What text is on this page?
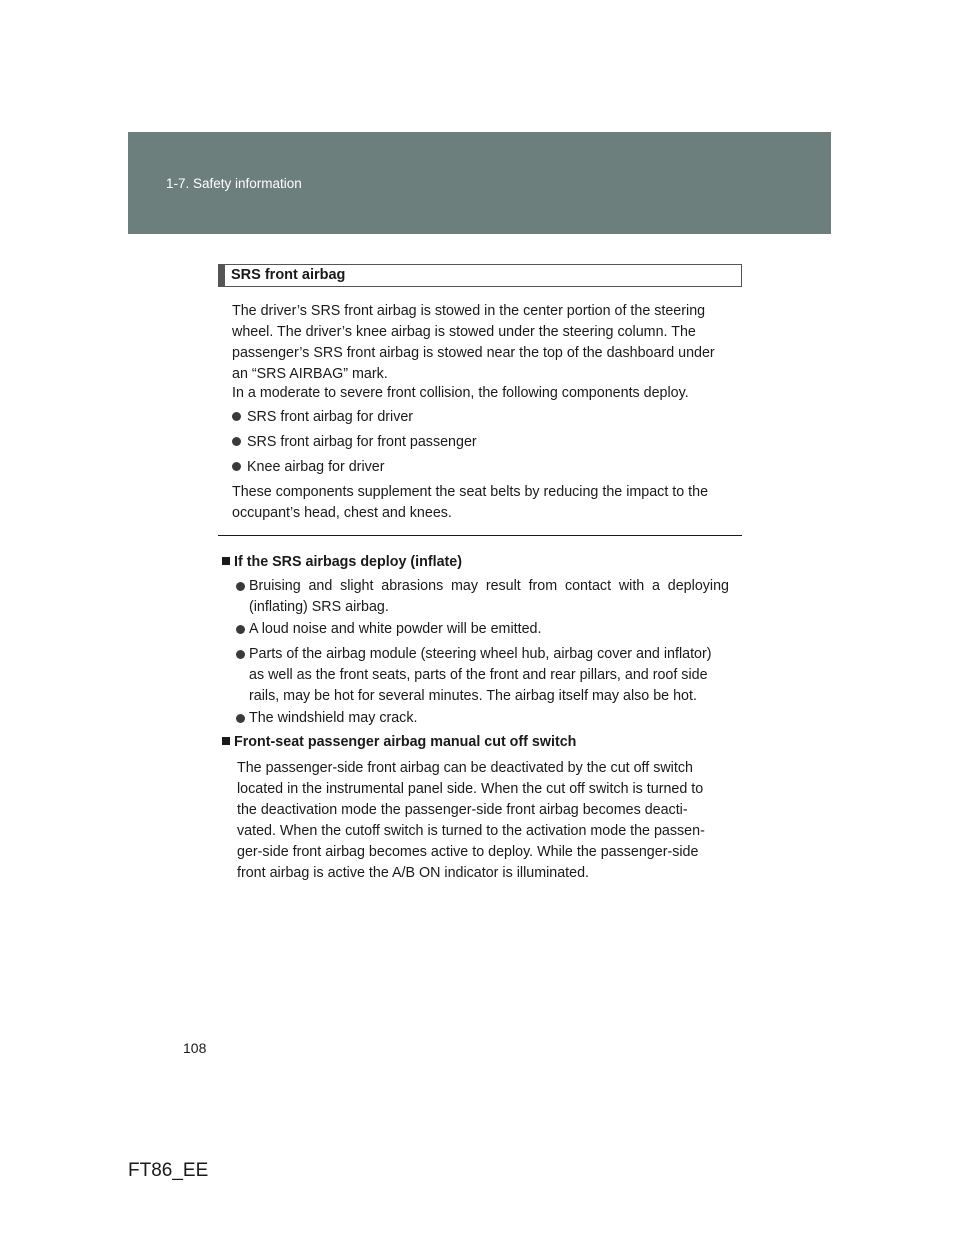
1-7. Safety information
SRS front airbag
The driver’s SRS front airbag is stowed in the center portion of the steering
wheel. The driver’s knee airbag is stowed under the steering column. The
passenger’s SRS front airbag is stowed near the top of the dashboard under
an “SRS AIRBAG” mark.
In a moderate to severe front collision, the following components deploy.
SRS front airbag for driver
SRS front airbag for front passenger
Knee airbag for driver
These components supplement the seat belts by reducing the impact to the
occupant’s head, chest and knees.
If the SRS airbags deploy (inflate)
Bruising and slight abrasions may result from contact with a deploying
(inflating) SRS airbag.
A loud noise and white powder will be emitted.
Parts of the airbag module (steering wheel hub, airbag cover and inflator)
as well as the front seats, parts of the front and rear pillars, and roof side
rails, may be hot for several minutes. The airbag itself may also be hot.
The windshield may crack.
Front-seat passenger airbag manual cut off switch
The passenger-side front airbag can be deactivated by the cut off switch
located in the instrumental panel side. When the cut off switch is turned to
the deactivation mode the passenger-side front airbag becomes deacti-
vated. When the cutoff switch is turned to the activation mode the passen-
ger-side front airbag becomes active to deploy. While the passenger-side
front airbag is active the A/B ON indicator is illuminated.
108
FT86_EE
